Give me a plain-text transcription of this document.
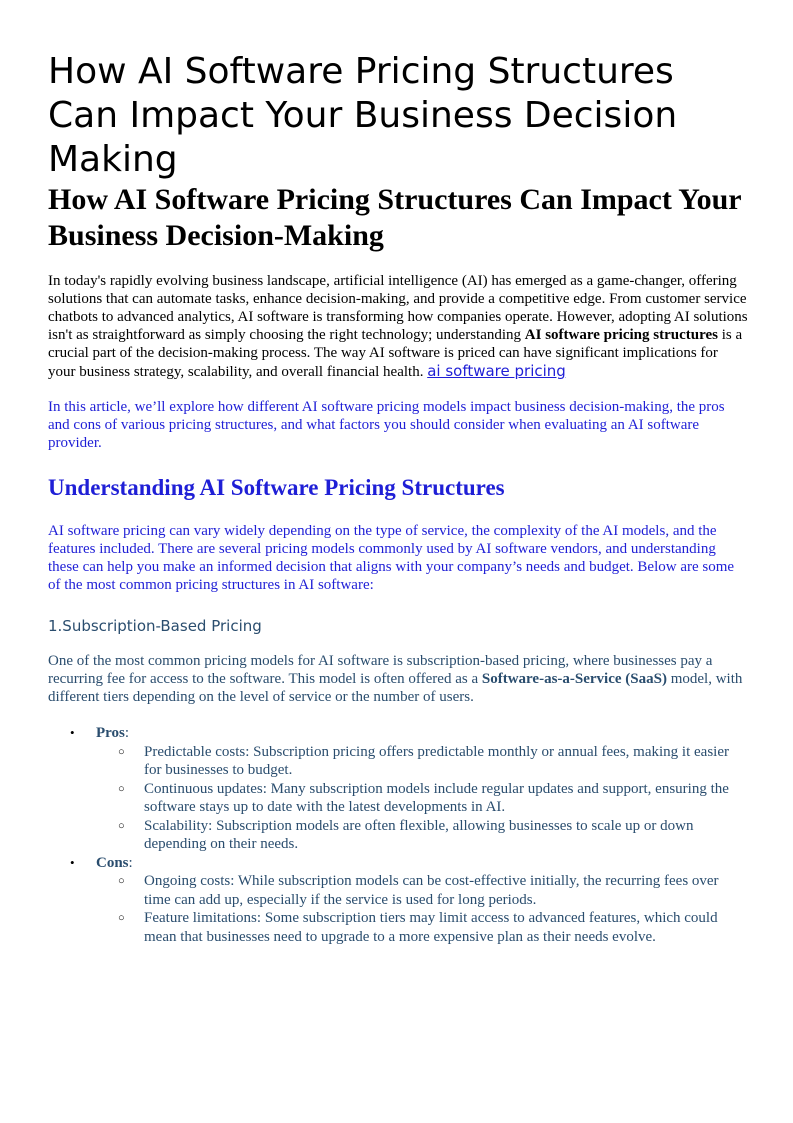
How AI Software Pricing Structures Can Impact Your Business Decision Making
How AI Software Pricing Structures Can Impact Your Business Decision-Making

In today's rapidly evolving business landscape, artificial intelligence (AI) has emerged as a game-changer, offering solutions that can automate tasks, enhance decision-making, and provide a competitive edge. From customer service chatbots to advanced analytics, AI software is transforming how companies operate. However, adopting AI solutions isn't as straightforward as simply choosing the right technology; understanding AI software pricing structures is a crucial part of the decision-making process. The way AI software is priced can have significant implications for your business strategy, scalability, and overall financial health. ai software pricing

In this article, we’ll explore how different AI software pricing models impact business decision-making, the pros and cons of various pricing structures, and what factors you should consider when evaluating an AI software provider.

Understanding AI Software Pricing Structures

AI software pricing can vary widely depending on the type of service, the complexity of the AI models, and the features included. There are several pricing models commonly used by AI software vendors, and understanding these can help you make an informed decision that aligns with your company’s needs and budget. Below are some of the most common pricing structures in AI software:

1.Subscription-Based Pricing

One of the most common pricing models for AI software is subscription-based pricing, where businesses pay a recurring fee for access to the software. This model is often offered as a Software-as-a-Service (SaaS) model, with different tiers depending on the level of service or the number of users.

• Pros:
○ Predictable costs: Subscription pricing offers predictable monthly or annual fees, making it easier for businesses to budget.
○ Continuous updates: Many subscription models include regular updates and support, ensuring the software stays up to date with the latest developments in AI.
○ Scalability: Subscription models are often flexible, allowing businesses to scale up or down depending on their needs.
• Cons:
○ Ongoing costs: While subscription models can be cost-effective initially, the recurring fees over time can add up, especially if the service is used for long periods.
○ Feature limitations: Some subscription tiers may limit access to advanced features, which could mean that businesses need to upgrade to a more expensive plan as their needs evolve.
